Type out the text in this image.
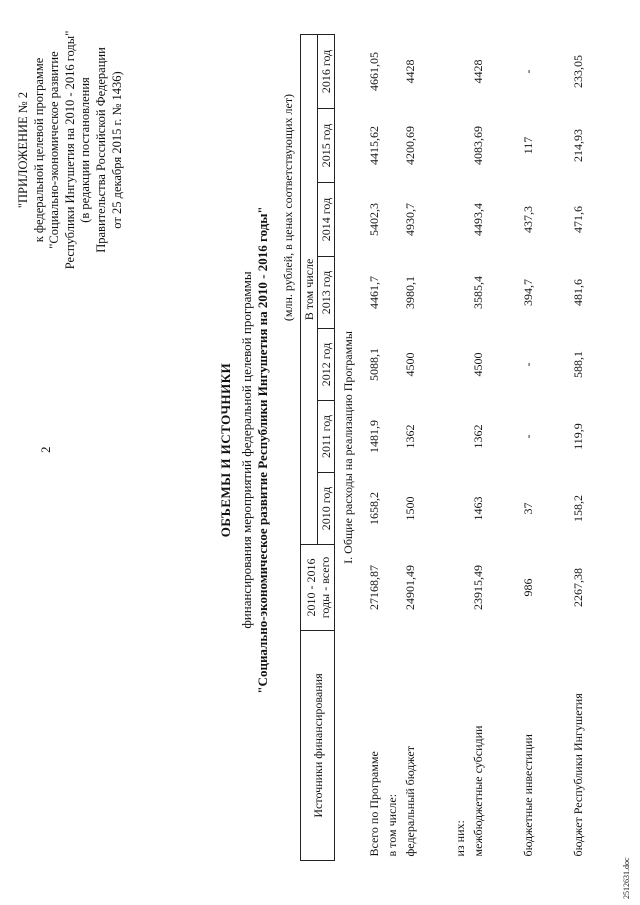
2
"ПРИЛОЖЕНИЕ № 2 к федеральной целевой программе "Социально-экономическое развитие Республики Ингушетия на 2010 - 2016 годы" (в редакции постановления Правительства Российской Федерации от 25 декабря 2015 г. № 1436)
ОБЪЕМЫ И ИСТОЧНИКИ финансирования мероприятий федеральной целевой программы "Социально-экономическое развитие Республики Ингушетия на 2010 - 2016 годы" (млн. рублей, в ценах соответствующих лет)
Источники финансирования	2010 - 2016 годы - всего	В том числе						
		2010 год	2011 год	2012 год	2013 год	2014 год	2015 год	2016 год
I. Общие расходы на реализацию Программы								
Всего по Программе	27168,87	1658,2	1481,9	5088,1	4461,7	5402,3	4415,62	4661,05
в том числе:								
федеральный бюджет	24901,49	1500	1362	4500	3980,1	4930,7	4200,69	4428

из них:								
межбюджетные субсидии	23915,49	1463	1362	4500	3585,4	4493,4	4083,69	4428

бюджетные инвестиции	986	37	-	-	394,7	437,3	117	-

бюджет Республики Ингушетия	2267,38	158,2	119,9	588,1	481,6	471,6	214,93	233,05
2512631.doc
